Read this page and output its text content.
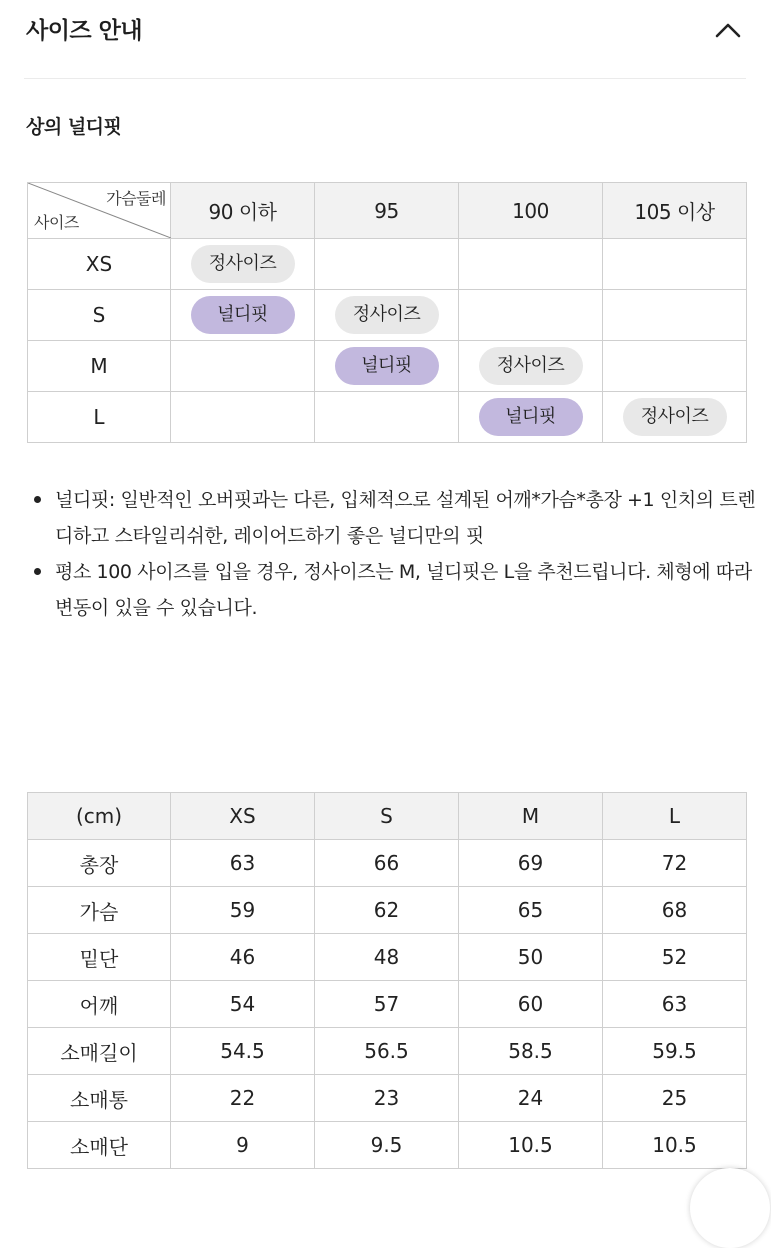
사이즈 안내
상의 널디핏
가슴둘레
사이즈	90 이하	95	100	105 이상
XS	정사이즈			
S	널디핏	정사이즈		
M		널디핏	정사이즈	
L			널디핏	정사이즈
널디핏: 일반적인 오버핏과는 다른, 입체적으로 설계된 어깨*가슴*총장 +1 인치의 트렌디하고 스타일리쉬한, 레이어드하기 좋은 널디만의 핏
평소 100 사이즈를 입을 경우, 정사이즈는 M, 널디핏은 L을 추천드립니다. 체형에 따라 변동이 있을 수 있습니다.
(cm)	XS	S	M	L
총장	63	66	69	72
가슴	59	62	65	68
밑단	46	48	50	52
어깨	54	57	60	63
소매길이	54.5	56.5	58.5	59.5
소매통	22	23	24	25
소매단	9	9.5	10.5	10.5
